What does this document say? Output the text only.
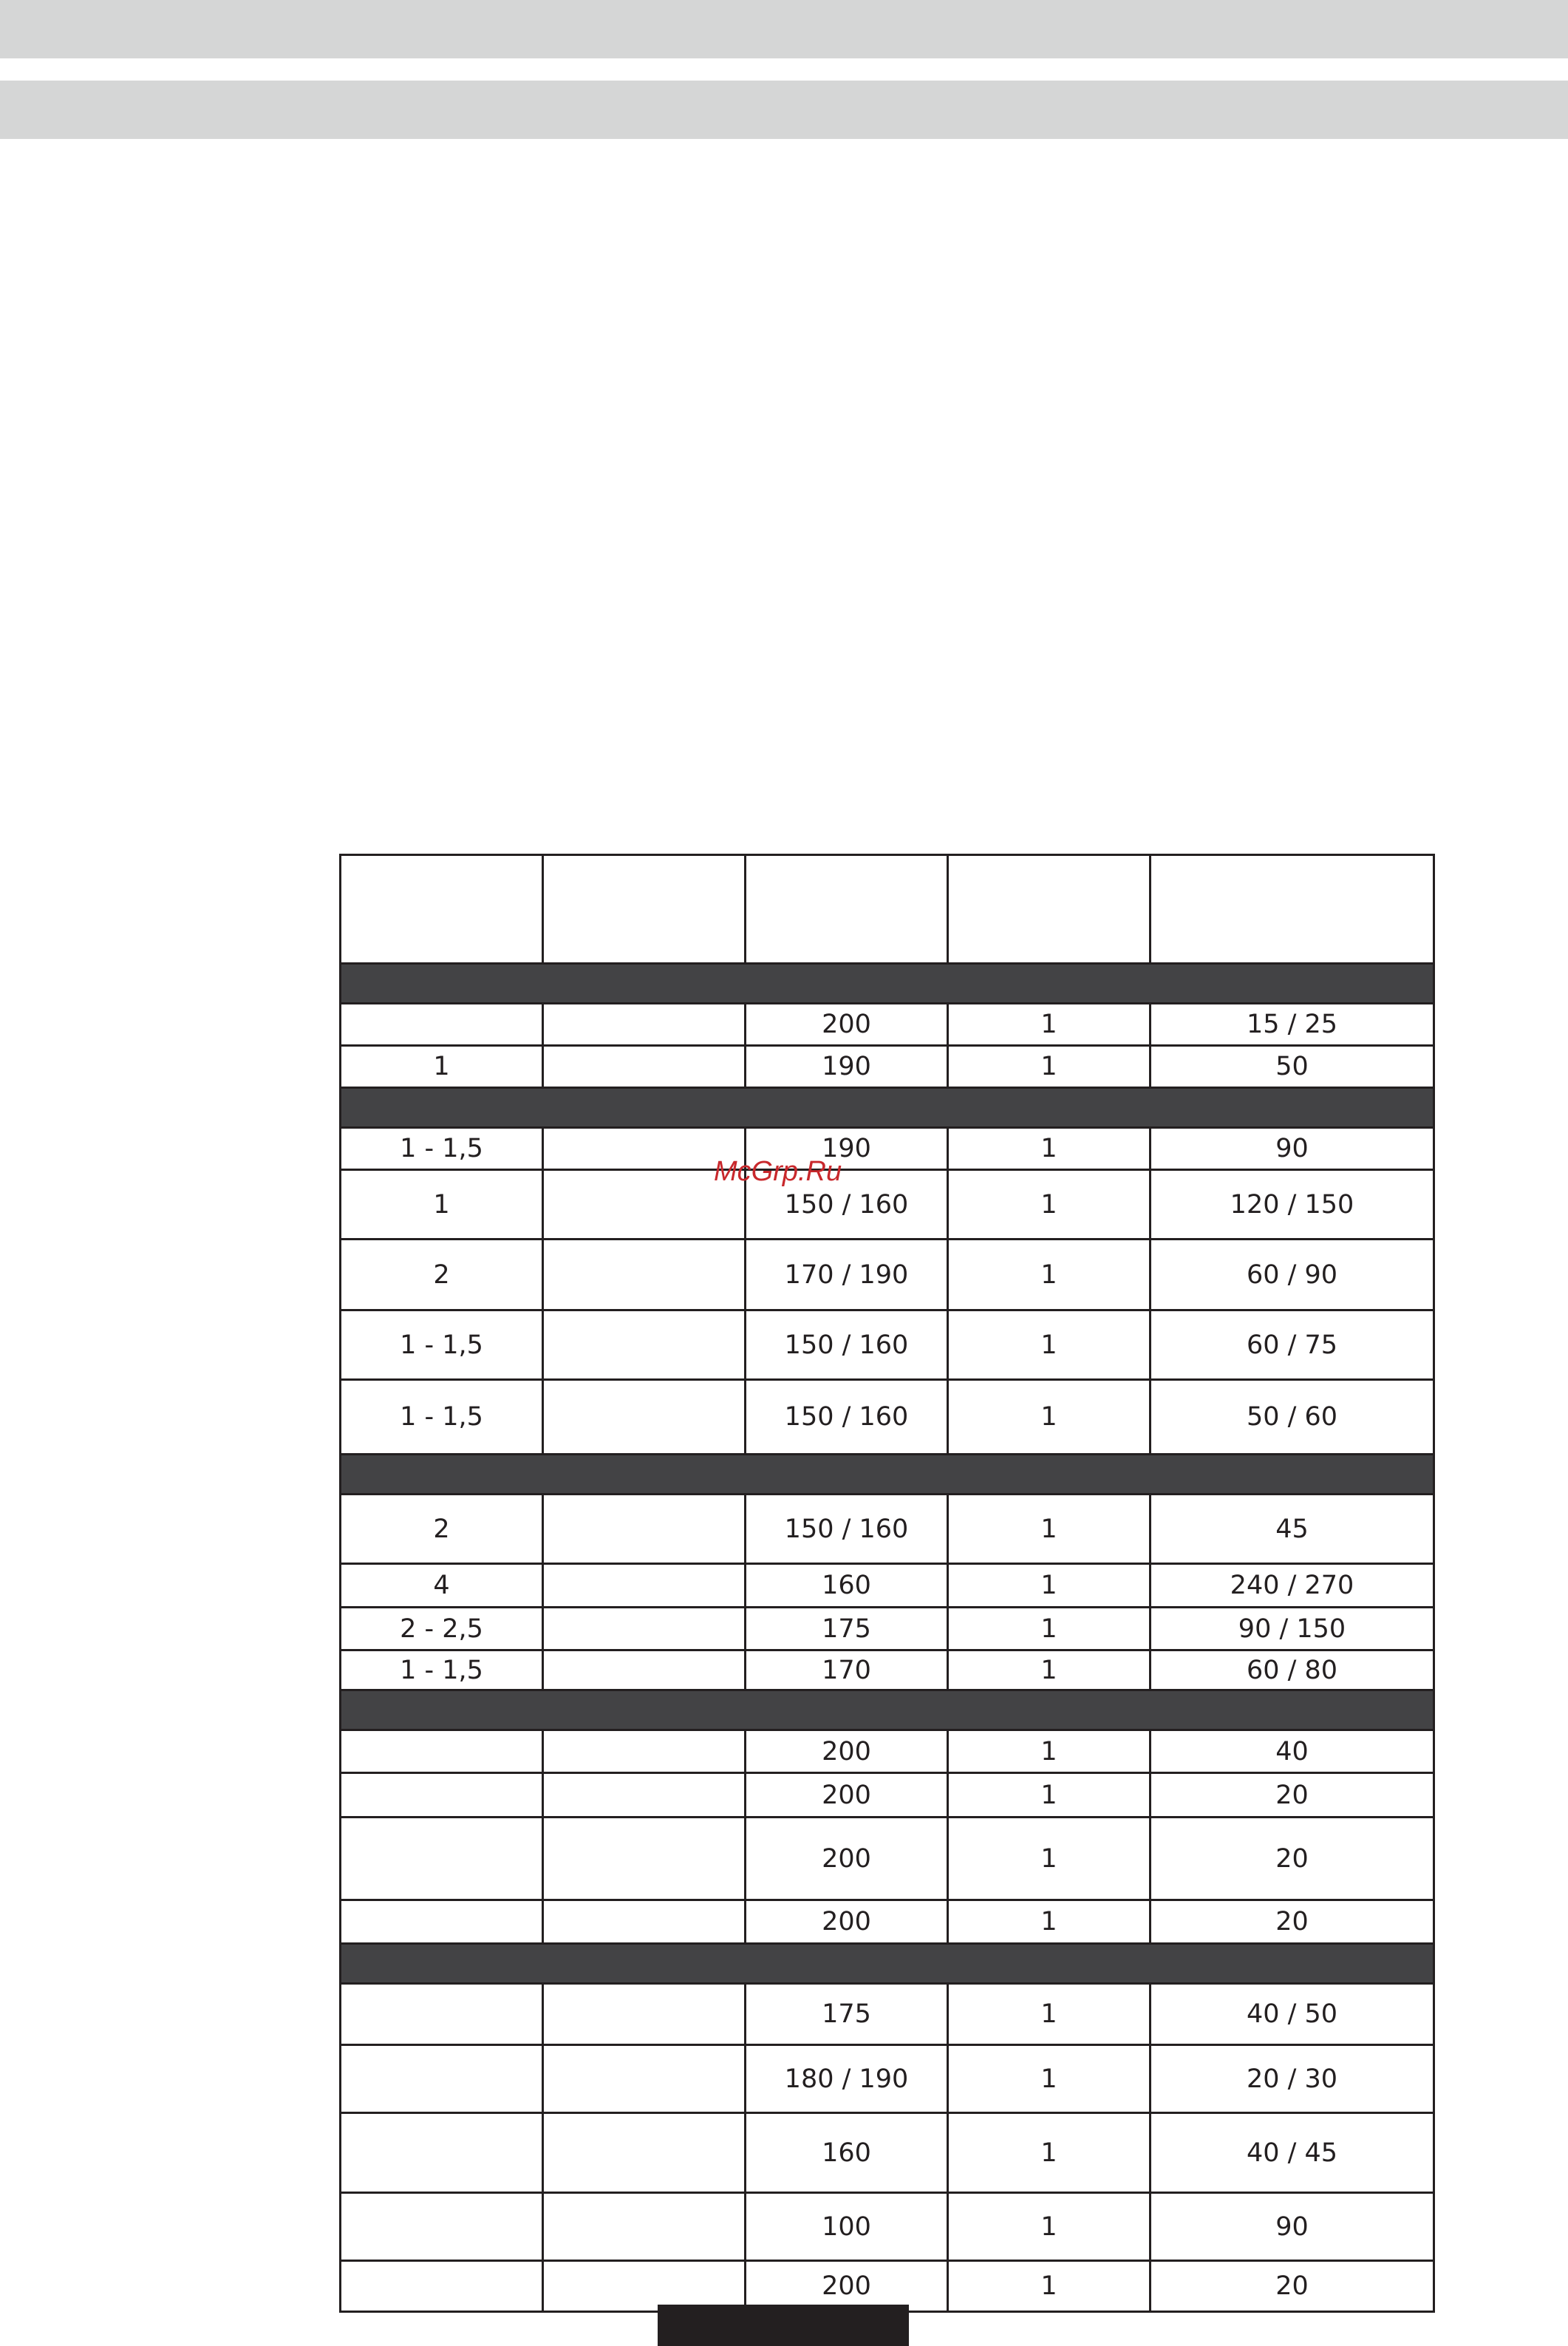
		200	1	15 / 25
1		190	1	50

1 - 1,5		190	1	90
1		150 / 160	1	120 / 150
2		170 / 190	1	60 / 90
1 - 1,5		150 / 160	1	60 / 75
1 - 1,5		150 / 160	1	50 / 60

2		150 / 160	1	45
4		160	1	240 / 270
2 - 2,5		175	1	90 / 150
1 - 1,5		170	1	60 / 80

		200	1	40
		200	1	20
		200	1	20
		200	1	20

		175	1	40 / 50
		180 / 190	1	20 / 30
		160	1	40 / 45
		100	1	90
		200	1	20
McGrp.Ru
